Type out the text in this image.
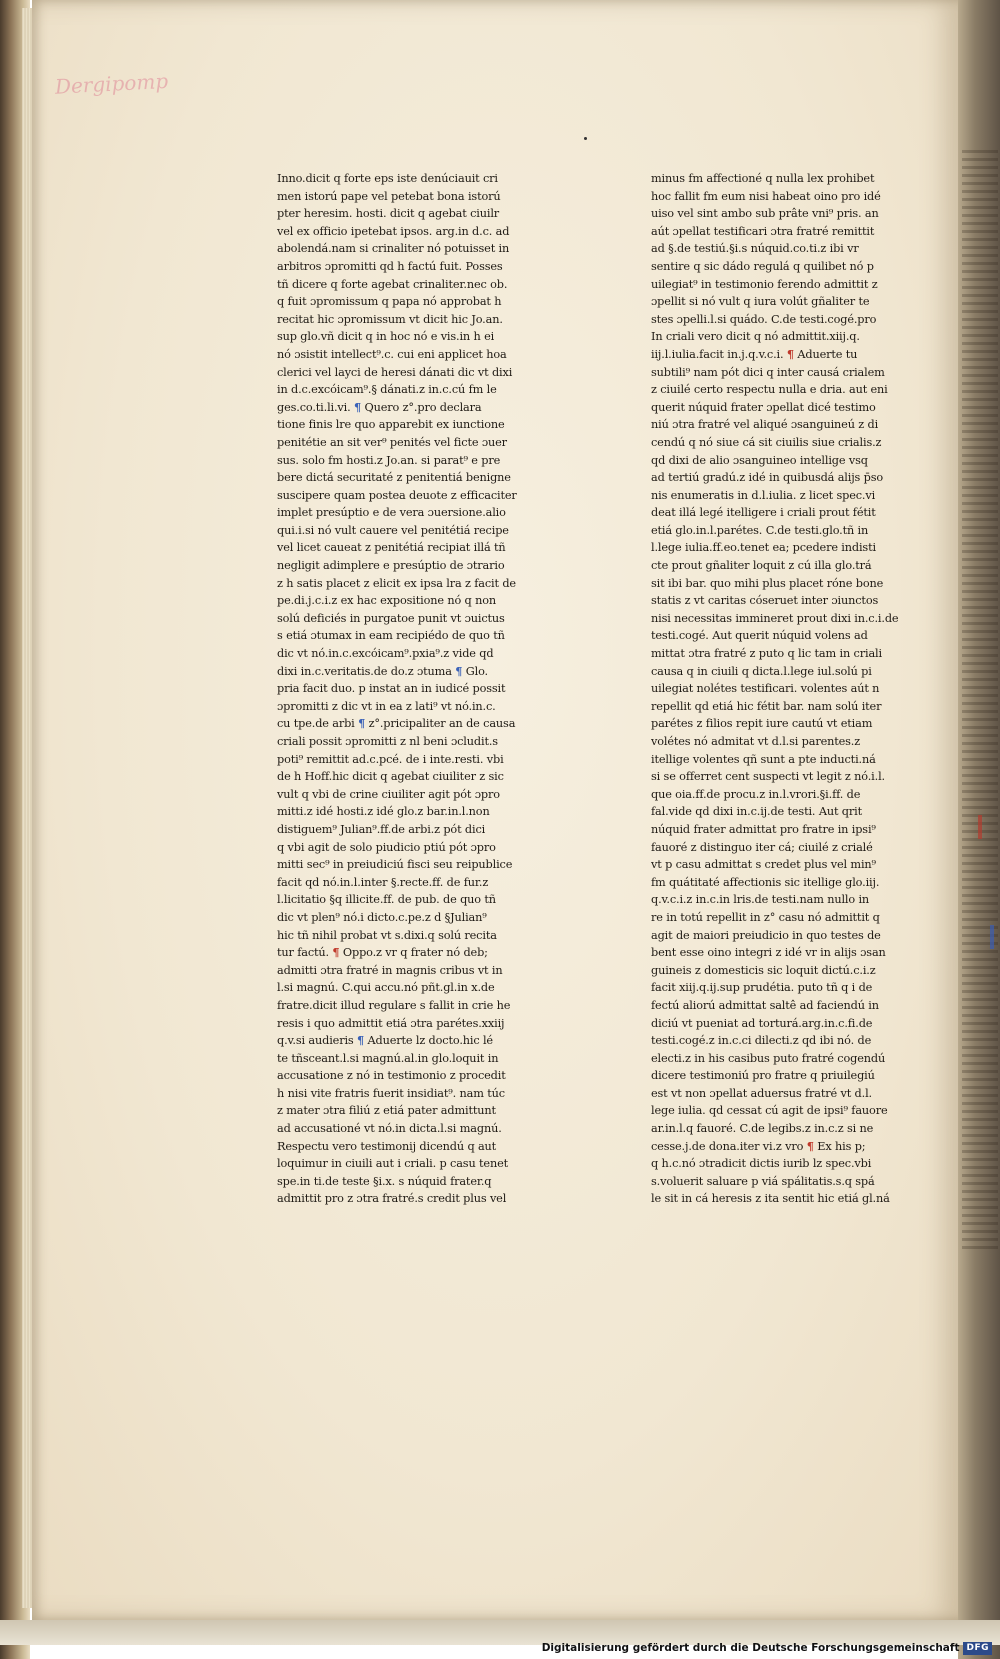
Dergipomp
Inno.dicit q forte eps iste denúciauit cri
men istorú pape vel petebat bona istorú
pter heresim. hosti. dicit q agebat ciuilr
vel ex officio ipetebat ipsos. arg.in d.c. ad
abolendá.nam si crinaliter nó potuisset in
arbitros ɔpromitti qd h factú fuit. Posses
tñ dicere q forte agebat crinaliter.nec ob.
q fuit ɔpromissum q papa nó approbat h
recitat hic ɔpromissum vt dicit hic Jo.an.
sup glo.vñ dicit q in hoc nó e vis.in h ei
nó ɔsistit intellect⁹.c. cui eni applicet hoa
clerici vel layci de heresi dánati dic vt dixi
in d.c.excóicam⁹.§ dánati.z in.c.cú fm le
ges.co.ti.li.vi. ¶ Quero z°.pro declara
tione finis lre quo apparebit ex iunctione
penitétie an sit ver⁹ penités vel ficte ɔuer
sus. solo fm hosti.z Jo.an. si parat⁹ e pre
bere dictá securitaté z penitentiá benigne
suscipere quam postea deuote z efficaciter
implet presúptio e de vera ɔuersione.alio
qui.i.si nó vult cauere vel penitétiá recipe
vel licet caueat z penitétiá recipiat illá tñ
negligit adimplere e presúptio de ɔtrario
z h satis placet z elicit ex ipsa lra z facit de
pe.di.j.c.i.z ex hac expositione nó q non
solú deficiés in purgatoe punit vt ɔuictus
s etiá ɔtumax in eam recipiédo de quo tñ
dic vt nó.in.c.excóicam⁹.pxia⁹.z vide qd
dixi in.c.veritatis.de do.z ɔtuma ¶ Glo.
pria facit duo. p instat an in iudicé possit
ɔpromitti z dic vt in ea z lati⁹ vt nó.in.c.
cu tpe.de arbi ¶ z°.pricipaliter an de causa
criali possit ɔpromitti z nl beni ɔcludit.s
poti⁹ remittit ad.c.pcé. de i inte.resti. vbi
de h Hoff.hic dicit q agebat ciuiliter z sic
vult q vbi de crine ciuiliter agit pót ɔpro
mitti.z idé hosti.z idé glo.z bar.in.l.non
distiguem⁹ Julian⁹.ff.de arbi.z pót dici
q vbi agit de solo piudicio ptiú pót ɔpro
mitti sec⁹ in preiudiciú fisci seu reipublice
facit qd nó.in.l.inter §.recte.ff. de fur.z
l.licitatio §q illicite.ff. de pub. de quo tñ
dic vt plen⁹ nó.i dicto.c.pe.z d §Julian⁹
hic tñ nihil probat vt s.dixi.q solú recita
tur factú. ¶ Oppo.z vr q frater nó deb;
admitti ɔtra fratré in magnis cribus vt in
l.si magnú. C.qui accu.nó pñt.gl.in x.de
fratre.dicit illud regulare s fallit in crie he
resis i quo admittit etiá ɔtra parétes.xxiij
q.v.si audieris ¶ Aduerte lz docto.hic lé
te tñsceant.l.si magnú.al.in glo.loquit in
accusatione z nó in testimonio z procedit
h nisi vite fratris fuerit insidiat⁹. nam túc
z mater ɔtra filiú z etiá pater admittunt
ad accusationé vt nó.in dicta.l.si magnú.
Respectu vero testimonij dicendú q aut
loquimur in ciuili aut i criali. p casu tenet
spe.in ti.de teste §i.x. s núquid frater.q
admittit pro z ɔtra fratré.s credit plus vel
minus fm affectioné q nulla lex prohibet
hoc fallit fm eum nisi habeat oino pro idé
uiso vel sint ambo sub prâte vni⁹ pris. an
aút ɔpellat testificari ɔtra fratré remittit
ad §.de testiú.§i.s núquid.co.ti.z ibi vr
sentire q sic dádo regulá q quilibet nó p
uilegiat⁹ in testimonio ferendo admittit z
ɔpellit si nó vult q iura volút gñaliter te
stes ɔpelli.l.si quádo. C.de testi.cogé.pro
In criali vero dicit q nó admittit.xiij.q.
iij.l.iulia.facit in.j.q.v.c.i. ¶ Aduerte tu
subtili⁹ nam pót dici q inter causá crialem
z ciuilé certo respectu nulla e dria. aut eni
querit núquid frater ɔpellat dicé testimo
niú ɔtra fratré vel aliqué ɔsanguineú z di
cendú q nó siue cá sit ciuilis siue crialis.z
qd dixi de alio ɔsanguineo intellige vsq
ad tertiú gradú.z idé in quibusdá alijs p̄so
nis enumeratis in d.l.iulia. z licet spec.vi
deat illá legé itelligere i criali prout fétit
etiá glo.in.l.parétes. C.de testi.glo.tñ in
l.lege iulia.ff.eo.tenet ea; pcedere indisti
cte prout gñaliter loquit z cú illa glo.trá
sit ibi bar. quo mihi plus placet róne bone
statis z vt caritas cóseruet inter ɔiunctos
nisi necessitas immineret prout dixi in.c.i.de
testi.cogé. Aut querit núquid volens ad
mittat ɔtra fratré z puto q lic tam in criali
causa q in ciuili q dicta.l.lege iul.solú pi
uilegiat nolétes testificari. volentes aút n
repellit qd etiá hic fétit bar. nam solú iter
parétes z filios repit iure cautú vt etiam
volétes nó admitat vt d.l.si parentes.z
itellige volentes qñ sunt a pte inducti.ná
si se offerret cent suspecti vt legit z nó.i.l.
que oia.ff.de procu.z in.l.vrori.§i.ff. de
fal.vide qd dixi in.c.ij.de testi. Aut qrit
núquid frater admittat pro fratre in ipsi⁹
fauoré z distinguo iter cá; ciuilé z crialé
vt p casu admittat s credet plus vel min⁹
fm quátitaté affectionis sic itellige glo.iij.
q.v.c.i.z in.c.in lris.de testi.nam nullo in
re in totú repellit in z° casu nó admittit q
agit de maiori preiudicio in quo testes de
bent esse oino integri z idé vr in alijs ɔsan
guineis z domesticis sic loquit dictú.c.i.z
facit xiij.q.ij.sup prudétia. puto tñ q i de
fectú aliorú admittat saltê ad faciendú in
diciú vt pueniat ad torturá.arg.in.c.fi.de
testi.cogé.z in.c.ci dilecti.z qd ibi nó. de
electi.z in his casibus puto fratré cogendú
dicere testimoniú pro fratre q priuilegiú
est vt non ɔpellat aduersus fratré vt d.l.
lege iulia. qd cessat cú agit de ipsi⁹ fauore
ar.in.l.q fauoré. C.de legibs.z in.c.z si ne
cesse.j.de dona.iter vi.z vro ¶ Ex his p;
q h.c.nó ɔtradicit dictis iurib lz spec.vbi
s.voluerit saluare p viá spálitatis.s.q spá
le sit in cá heresis z ita sentit hic etiá gl.ná
Digitalisierung gefördert durch die Deutsche Forschungsgemeinschaft DFG
